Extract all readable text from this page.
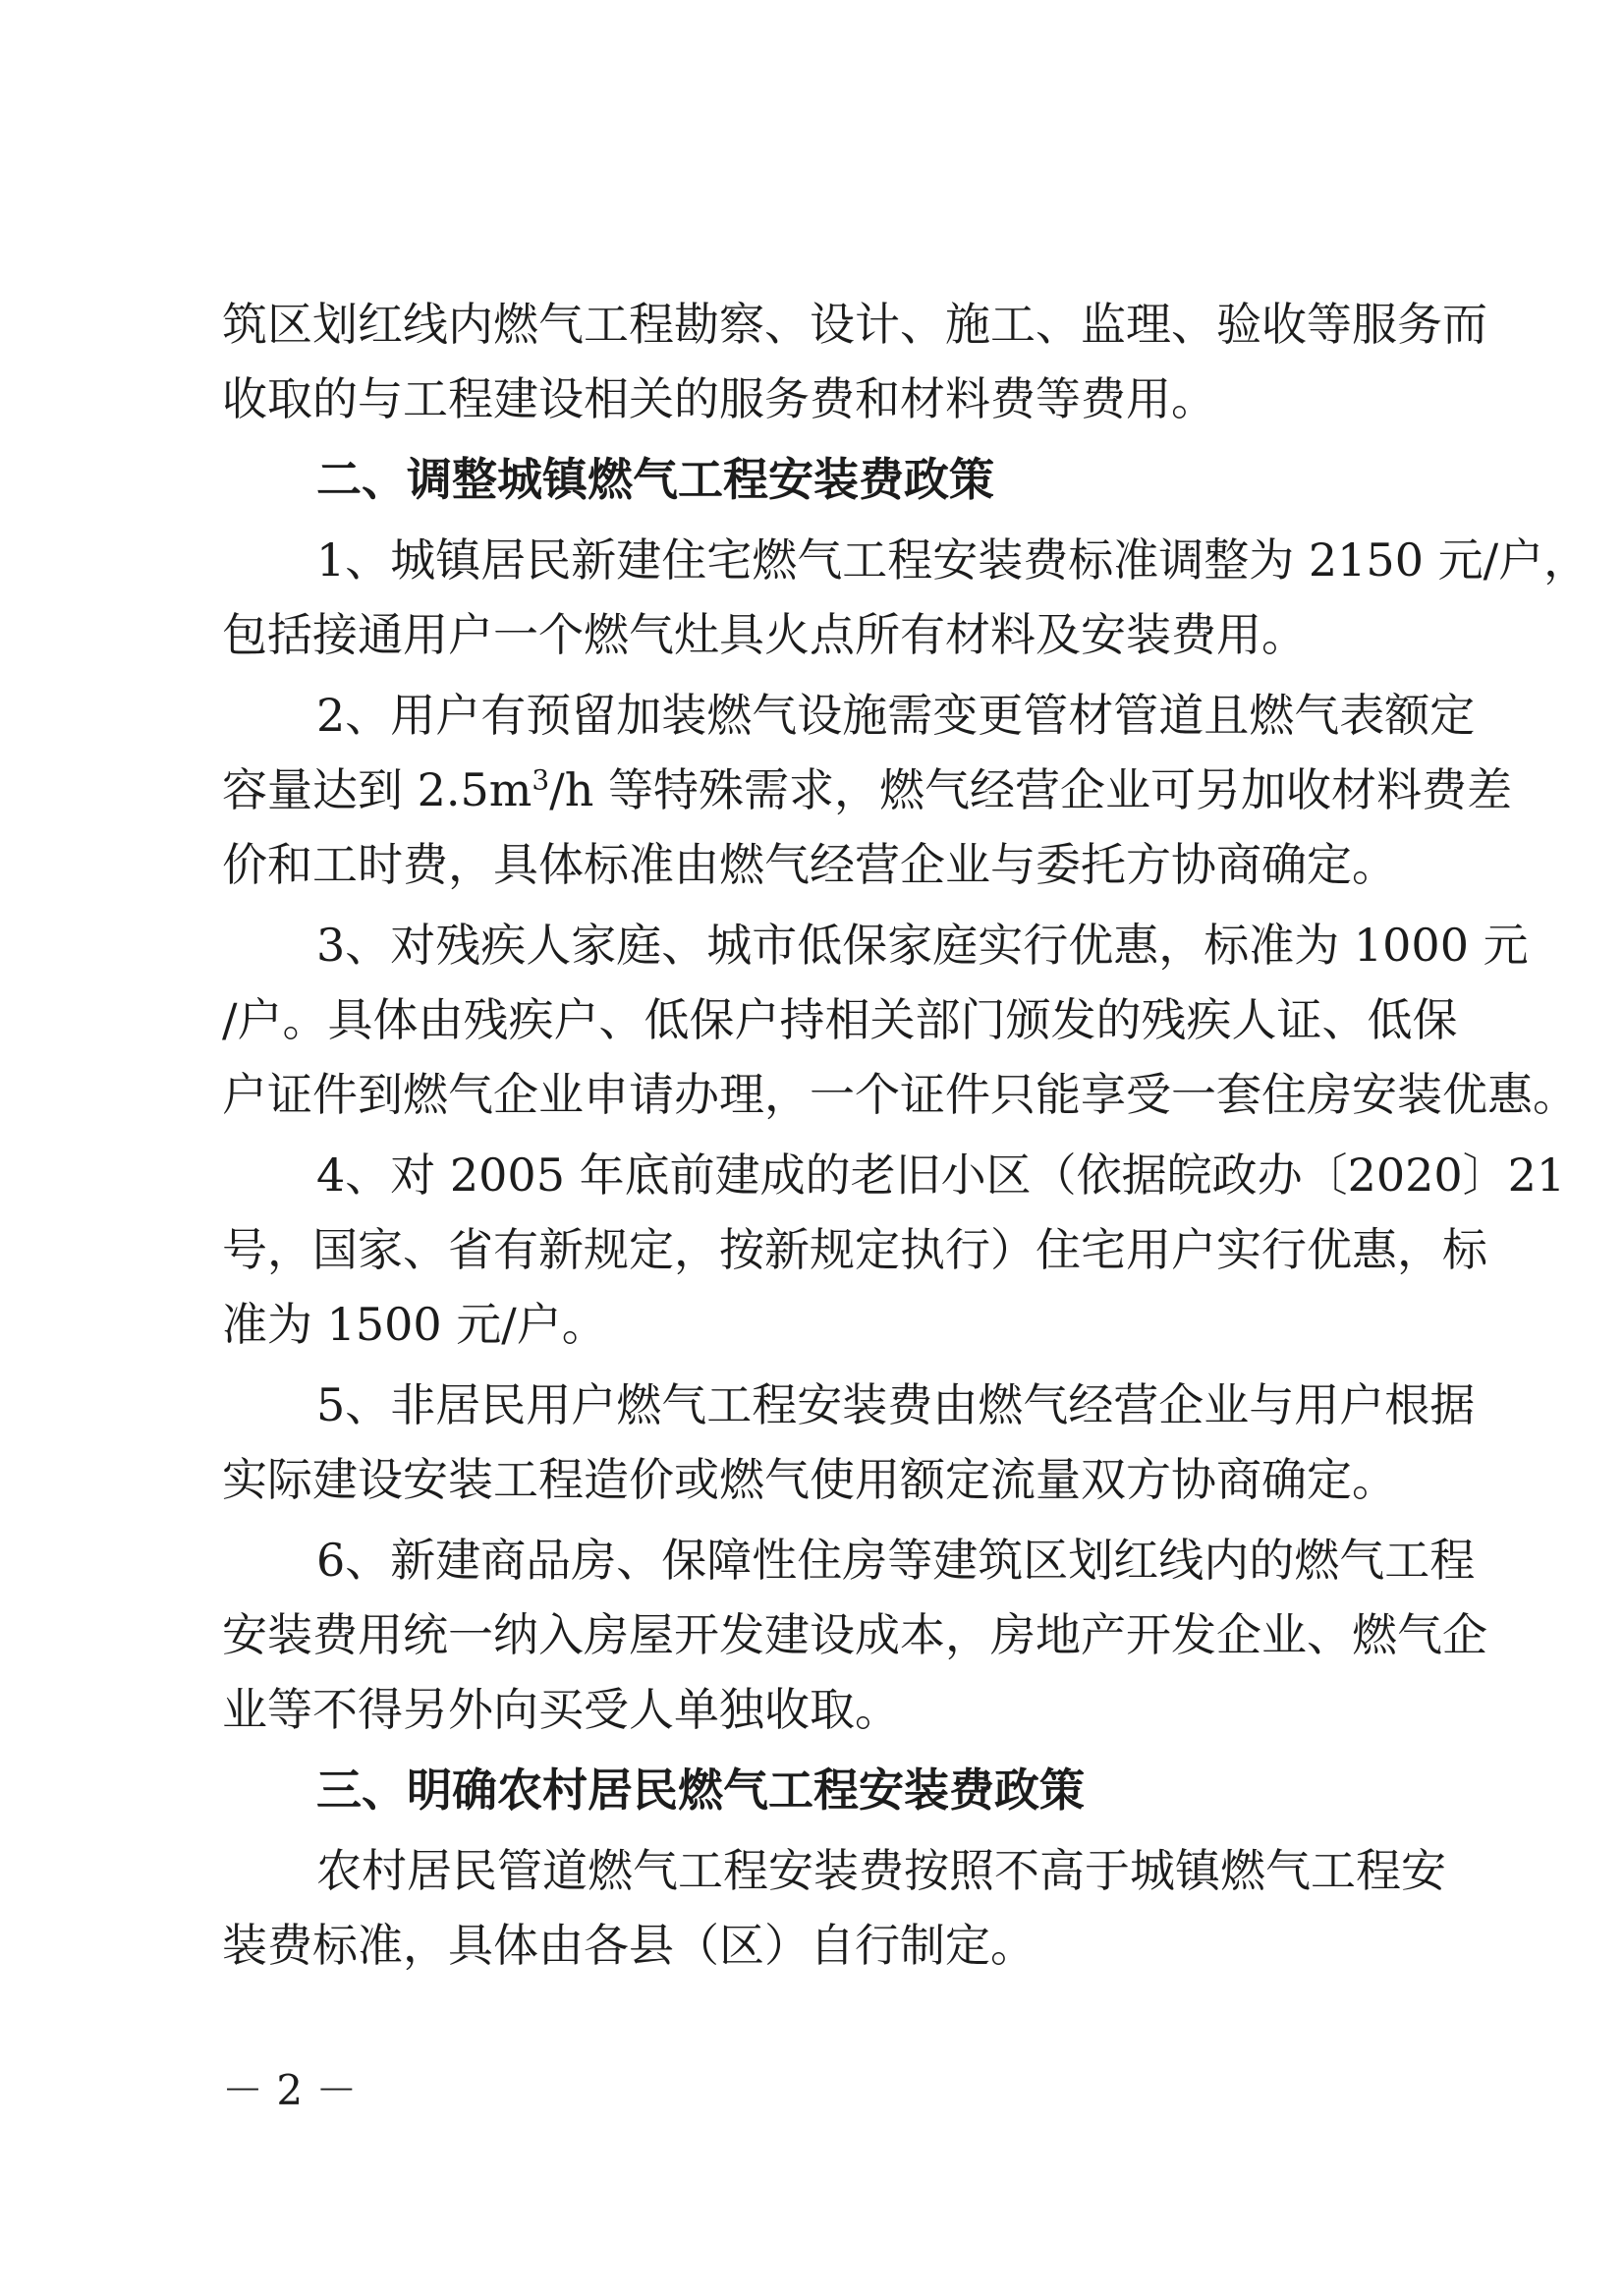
筑区划红线内燃气工程勘察、设计、施工、监理、验收等服务而
收取的与工程建设相关的服务费和材料费等费用。
二、调整城镇燃气工程安装费政策
1、城镇居民新建住宅燃气工程安装费标准调整为 2150 元/户，
包括接通用户一个燃气灶具火点所有材料及安装费用。
2、用户有预留加装燃气设施需变更管材管道且燃气表额定
容量达到 $2.5m^3/h$ 等特殊需求，燃气经营企业可另加收材料费差
价和工时费，具体标准由燃气经营企业与委托方协商确定。
3、对残疾人家庭、城市低保家庭实行优惠，标准为 1000 元
/户。具体由残疾户、低保户持相关部门颁发的残疾人证、低保
户证件到燃气企业申请办理，一个证件只能享受一套住房安装优惠。
4、对 2005 年底前建成的老旧小区（依据皖政办〔2020〕21
号，国家、省有新规定，按新规定执行）住宅用户实行优惠，标
准为 1500 元/户。
5、非居民用户燃气工程安装费由燃气经营企业与用户根据
实际建设安装工程造价或燃气使用额定流量双方协商确定。
6、新建商品房、保障性住房等建筑区划红线内的燃气工程
安装费用统一纳入房屋开发建设成本，房地产开发企业、燃气企
业等不得另外向买受人单独收取。
三、明确农村居民燃气工程安装费政策
农村居民管道燃气工程安装费按照不高于城镇燃气工程安
装费标准，具体由各县（区）自行制定。
－ 2 －
